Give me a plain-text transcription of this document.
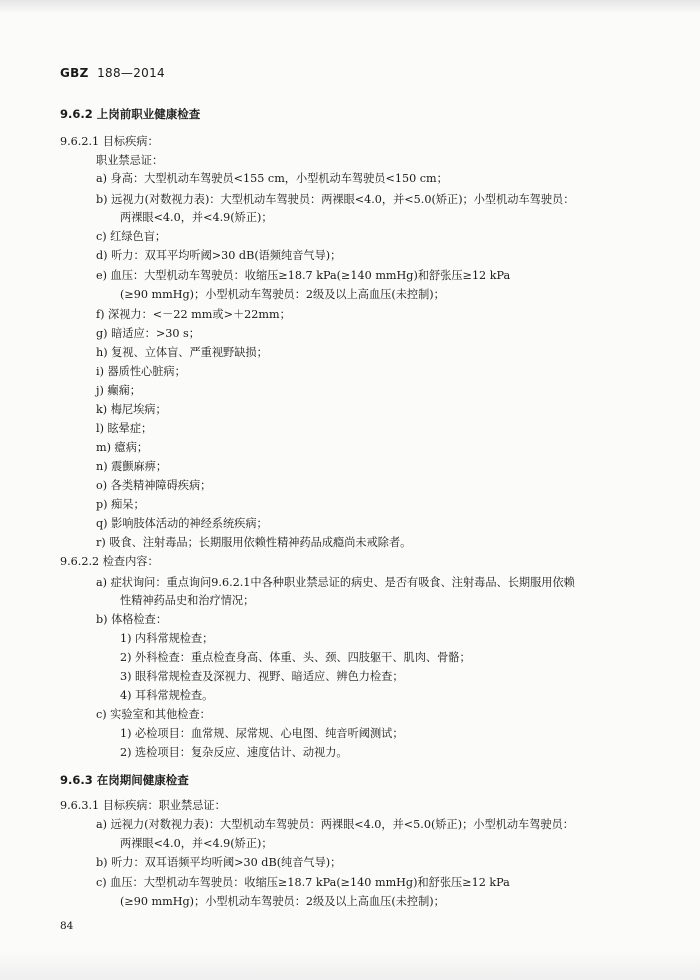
GBZ 188—2014
9.6.2 上岗前职业健康检查
9.6.2.1 目标疾病：
职业禁忌证：
a) 身高：大型机动车驾驶员<155 cm，小型机动车驾驶员<150 cm；
b) 远视力(对数视力表)：大型机动车驾驶员：两裸眼<4.0，并<5.0(矫正)；小型机动车驾驶员：
两裸眼<4.0，并<4.9(矫正)；
c) 红绿色盲；
d) 听力：双耳平均听阈>30 dB(语频纯音气导)；
e) 血压：大型机动车驾驶员：收缩压≥18.7 kPa(≥140 mmHg)和舒张压≥12 kPa
(≥90 mmHg)；小型机动车驾驶员：2级及以上高血压(未控制)；
f) 深视力：<－22 mm或>＋22mm；
g) 暗适应：>30 s；
h) 复视、立体盲、严重视野缺损；
i) 器质性心脏病；
j) 癫痫；
k) 梅尼埃病；
l) 眩晕症；
m) 癔病；
n) 震颤麻痹；
o) 各类精神障碍疾病；
p) 痴呆；
q) 影响肢体活动的神经系统疾病；
r) 吸食、注射毒品；长期服用依赖性精神药品成瘾尚未戒除者。
9.6.2.2 检查内容：
a) 症状询问：重点询问9.6.2.1中各种职业禁忌证的病史、是否有吸食、注射毒品、长期服用依赖
性精神药品史和治疗情况；
b) 体格检查：
1) 内科常规检查；
2) 外科检查：重点检查身高、体重、头、颈、四肢躯干、肌肉、骨骼；
3) 眼科常规检查及深视力、视野、暗适应、辨色力检查；
4) 耳科常规检查。
c) 实验室和其他检查：
1) 必检项目：血常规、尿常规、心电图、纯音听阈测试；
2) 选检项目：复杂反应、速度估计、动视力。
9.6.3 在岗期间健康检查
9.6.3.1 目标疾病：职业禁忌证：
a) 远视力(对数视力表)：大型机动车驾驶员：两裸眼<4.0，并<5.0(矫正)；小型机动车驾驶员：
两裸眼<4.0，并<4.9(矫正)；
b) 听力：双耳语频平均听阈>30 dB(纯音气导)；
c) 血压：大型机动车驾驶员：收缩压≥18.7 kPa(≥140 mmHg)和舒张压≥12 kPa
(≥90 mmHg)；小型机动车驾驶员：2级及以上高血压(未控制)；
84
